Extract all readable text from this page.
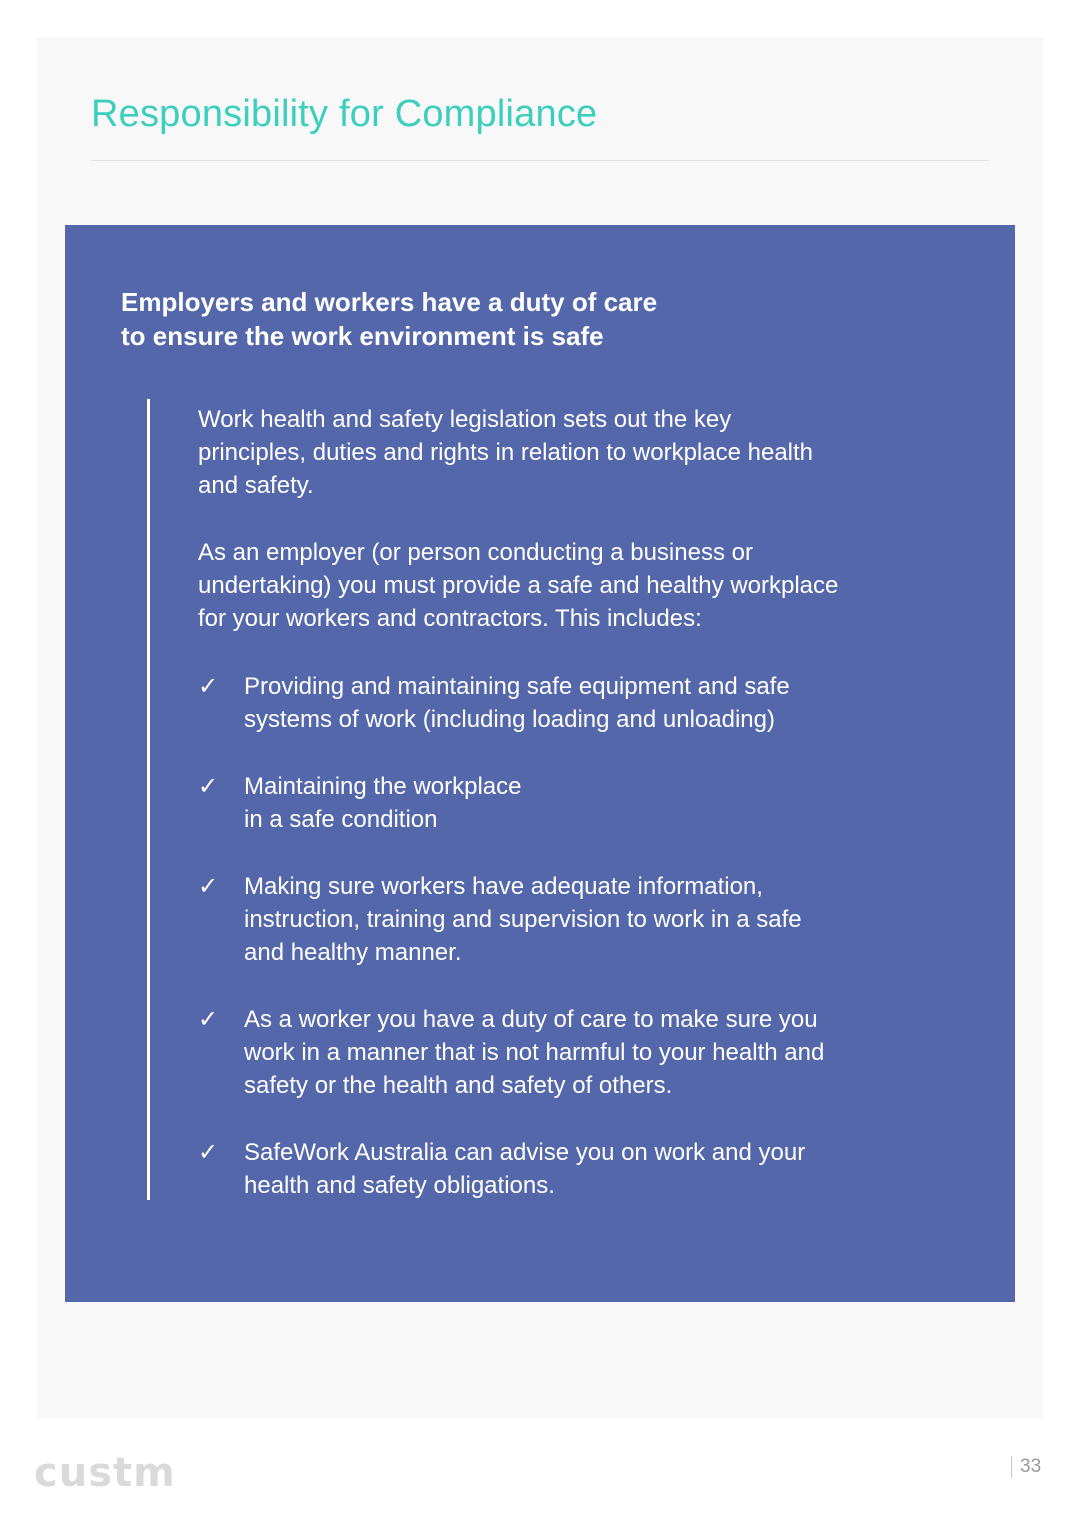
Responsibility for Compliance
Employers and workers have a duty of care
to ensure the work environment is safe

Work health and safety legislation sets out the key
principles, duties and rights in relation to workplace health
and safety.

As an employer (or person conducting a business or
undertaking) you must provide a safe and healthy workplace
for your workers and contractors. This includes:

✓ Providing and maintaining safe equipment and safe
systems of work (including loading and unloading)
✓ Maintaining the workplace
in a safe condition
✓ Making sure workers have adequate information,
instruction, training and supervision to work in a safe
and healthy manner.
✓ As a worker you have a duty of care to make sure you
work in a manner that is not harmful to your health and
safety or the health and safety of others.
✓ SafeWork Australia can advise you on work and your
health and safety obligations.
custm	33
